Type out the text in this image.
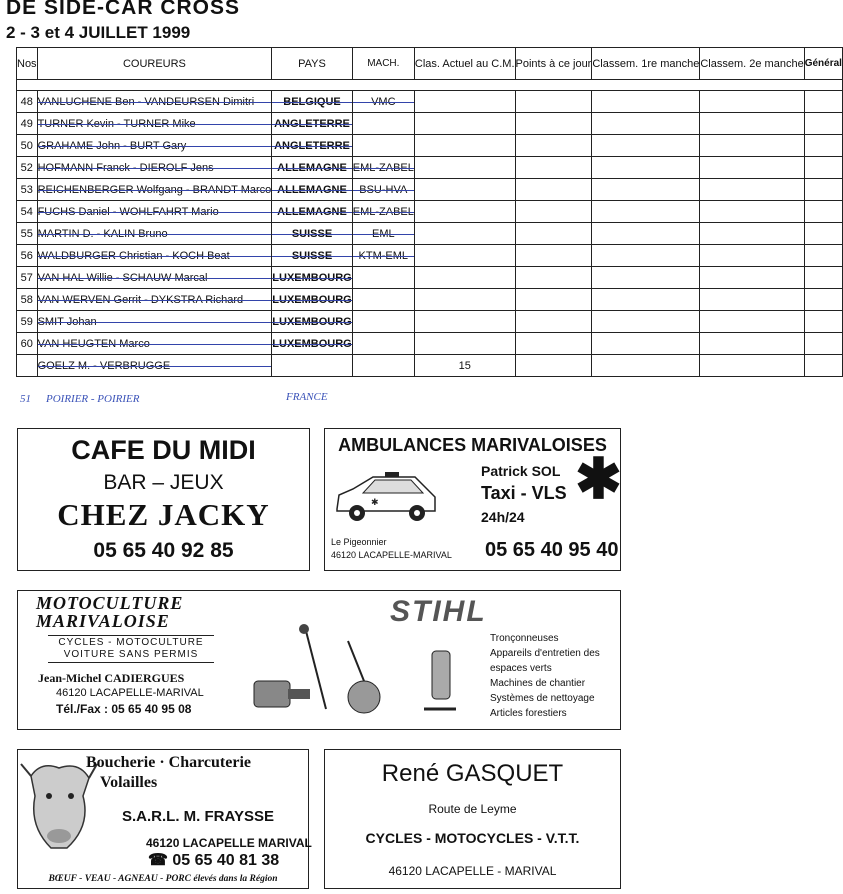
DE SIDE-CAR CROSS
2 - 3 et 4 JUILLET 1999
Nos	COUREURS	PAYS	MACH.	Clas. Actuel au C.M.	Points à ce jour	Classem. 1re manche	Classem. 2e manche	Général

48	VANLUCHENE Ben - VANDEURSEN Dimitri	BELGIQUE	VMC

49	TURNER Kevin - TURNER Mike	ANGLETERRE

50	GRAHAME John - BURT Gary	ANGLETERRE

52	HOFMANN Franck - DIEROLF Jens	ALLEMAGNE	EML-ZABEL

53	REICHENBERGER Wolfgang - BRANDT Marco	ALLEMAGNE	BSU-HVA

54	FUCHS Daniel - WOHLFAHRT Mario	ALLEMAGNE	EML-ZABEL

55	MARTIN D. - KALIN Bruno	SUISSE	EML

56	WALDBURGER Christian - KOCH Beat	SUISSE	KTM-EML

57	VAN HAL Willie - SCHAUW Marcal	LUXEMBOURG

58	VAN WERVEN Gerrit - DYKSTRA Richard	LUXEMBOURG

59	SMIT Johan	LUXEMBOURG

60	VAN HEUGTEN Marco	LUXEMBOURG

	GOELZ M. - VERBRUGGE			15				
51 POIRIER - POIRIER	FRANCE
CAFE DU MIDI
BAR – JEUX
CHEZ JACKY
05 65 40 92 85
AMBULANCES MARIVALOISES
✱
Patrick SOL
Taxi - VLS
24h/24
✱
Le Pigeonnier
46120 LACAPELLE-MARIVAL 05 65 40 95 40
MOTOCULTURE
MARIVALOISE
CYCLES - MOTOCULTURE
VOITURE SANS PERMIS
Jean-Michel CADIERGUES
46120 LACAPELLE-MARIVAL
Tél./Fax : 05 65 40 95 08
STIHL
Tronçonneuses
Appareils d'entretien des espaces verts
Machines de chantier
Systèmes de nettoyage
Articles forestiers
Boucherie · Charcuterie
Volailles
S.A.R.L. M. FRAYSSE
46120 LACAPELLE MARIVAL
☎ 05 65 40 81 38
BŒUF - VEAU - AGNEAU - PORC élevés dans la Région
René GASQUET
Route de Leyme
CYCLES - MOTOCYCLES - V.T.T.
46120 LACAPELLE - MARIVAL
